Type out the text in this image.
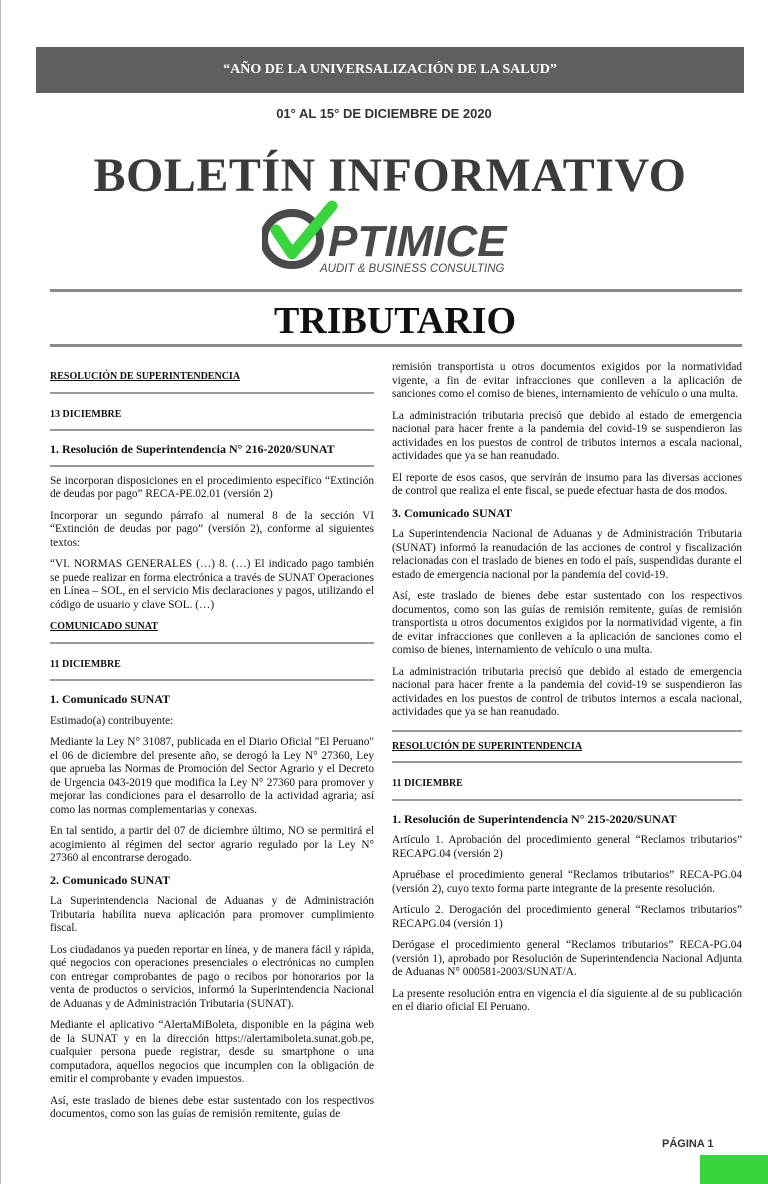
“AÑO DE LA UNIVERSALIZACIÓN DE LA SALUD”
01° AL 15° DE DICIEMBRE DE 2020
BOLETÍN INFORMATIVO
PTIMICE
AUDIT & BUSINESS CONSULTING
TRIBUTARIO

RESOLUCIÓN DE SUPERINTENDENCIA

13 DICIEMBRE

1. Resolución de Superintendencia N° 216-2020/SUNAT

Se incorporan disposiciones en el procedimiento específico “Extinción de deudas por pago” RECA-PE.02.01 (versión 2)

Incorporar un segundo párrafo al numeral 8 de la sección VI “Extinción de deudas por pago” (versión 2), conforme al siguientes textos:

“VI. NORMAS GENERALES (…) 8. (…) El indicado pago también se puede realizar en forma electrónica a través de SUNAT Operaciones en Línea – SOL, en el servicio Mis declaraciones y pagos, utilizando el código de usuario y clave SOL. (…)

COMUNICADO SUNAT

11 DICIEMBRE

1. Comunicado SUNAT

Estimado(a) contribuyente:

Mediante la Ley N° 31087, publicada en el Diario Oficial "El Peruano" el 06 de diciembre del presente año, se derogó la Ley N° 27360, Ley que aprueba las Normas de Promoción del Sector Agrario y el Decreto de Urgencia 043-2019 que modifica la Ley N° 27360 para promover y mejorar las condiciones para el desarrollo de la actividad agraria; así como las normas complementarias y conexas.

En tal sentido, a partir del 07 de diciembre último, NO se permitirá el acogimiento al régimen del sector agrario regulado por la Ley N° 27360 al encontrarse derogado.

2. Comunicado SUNAT

La Superintendencia Nacional de Aduanas y de Administración Tributaria habilita nueva aplicación para promover cumplimiento fiscal.

Los ciudadanos ya pueden reportar en línea, y de manera fácil y rápida, qué negocios con operaciones presenciales o electrónicas no cumplen con entregar comprobantes de pago o recibos por honorarios por la venta de productos o servicios, informó la Superintendencia Nacional de Aduanas y de Administración Tributaria (SUNAT).

Mediante el aplicativo “AlertaMiBoleta, disponible en la página web de la SUNAT y en la dirección https://alertamiboleta.sunat.gob.pe, cualquier persona puede registrar, desde su smartphone o una computadora, aquellos negocios que incumplen con la obligación de emitir el comprobante y evaden impuestos.

Así, este traslado de bienes debe estar sustentado con los respectivos documentos, como son las guías de remisión remitente, guías de

remisión transportista u otros documentos exigidos por la normatividad vigente, a fin de evitar infracciones que conlleven a la aplicación de sanciones como el comiso de bienes, internamiento de vehículo o una multa.

La administración tributaria precisó que debido al estado de emergencia nacional para hacer frente a la pandemia del covid-19 se suspendieron las actividades en los puestos de control de tributos internos a escala nacional, actividades que ya se han reanudado.

El reporte de esos casos, que servirán de insumo para las diversas acciones de control que realiza el ente fiscal, se puede efectuar hasta de dos modos.

3. Comunicado SUNAT

La Superintendencia Nacional de Aduanas y de Administración Tributaria (SUNAT) informó la reanudación de las acciones de control y fiscalización relacionadas con el traslado de bienes en todo el país, suspendidas durante el estado de emergencia nacional por la pandemia del covid-19.

Así, este traslado de bienes debe estar sustentado con los respectivos documentos, como son las guías de remisión remitente, guías de remisión transportista u otros documentos exigidos por la normatividad vigente, a fin de evitar infracciones que conlleven a la aplicación de sanciones como el comiso de bienes, internamiento de vehículo o una multa.

La administración tributaria precisó que debido al estado de emergencia nacional para hacer frente a la pandemia del covid-19 se suspendieron las actividades en los puestos de control de tributos internos a escala nacional, actividades que ya se han reanudado.

RESOLUCIÓN DE SUPERINTENDENCIA

11 DICIEMBRE

1. Resolución de Superintendencia N° 215-2020/SUNAT

Artículo 1. Aprobación del procedimiento general “Reclamos tributarios” RECAPG.04 (versión 2)

Apruébase el procedimiento general “Reclamos tributarios” RECA-PG.04 (versión 2), cuyo texto forma parte integrante de la presente resolución.

Artículo 2. Derogación del procedimiento general “Reclamos tributarios” RECAPG.04 (versión 1)

Derógase el procedimiento general “Reclamos tributarios” RECA-PG.04 (versión 1), aprobado por Resolución de Superintendencia Nacional Adjunta de Aduanas N° 000581-2003/SUNAT/A.

La presente resolución entra en vigencia el día siguiente al de su publicación en el diario oficial El Peruano.

PÁGINA 1
